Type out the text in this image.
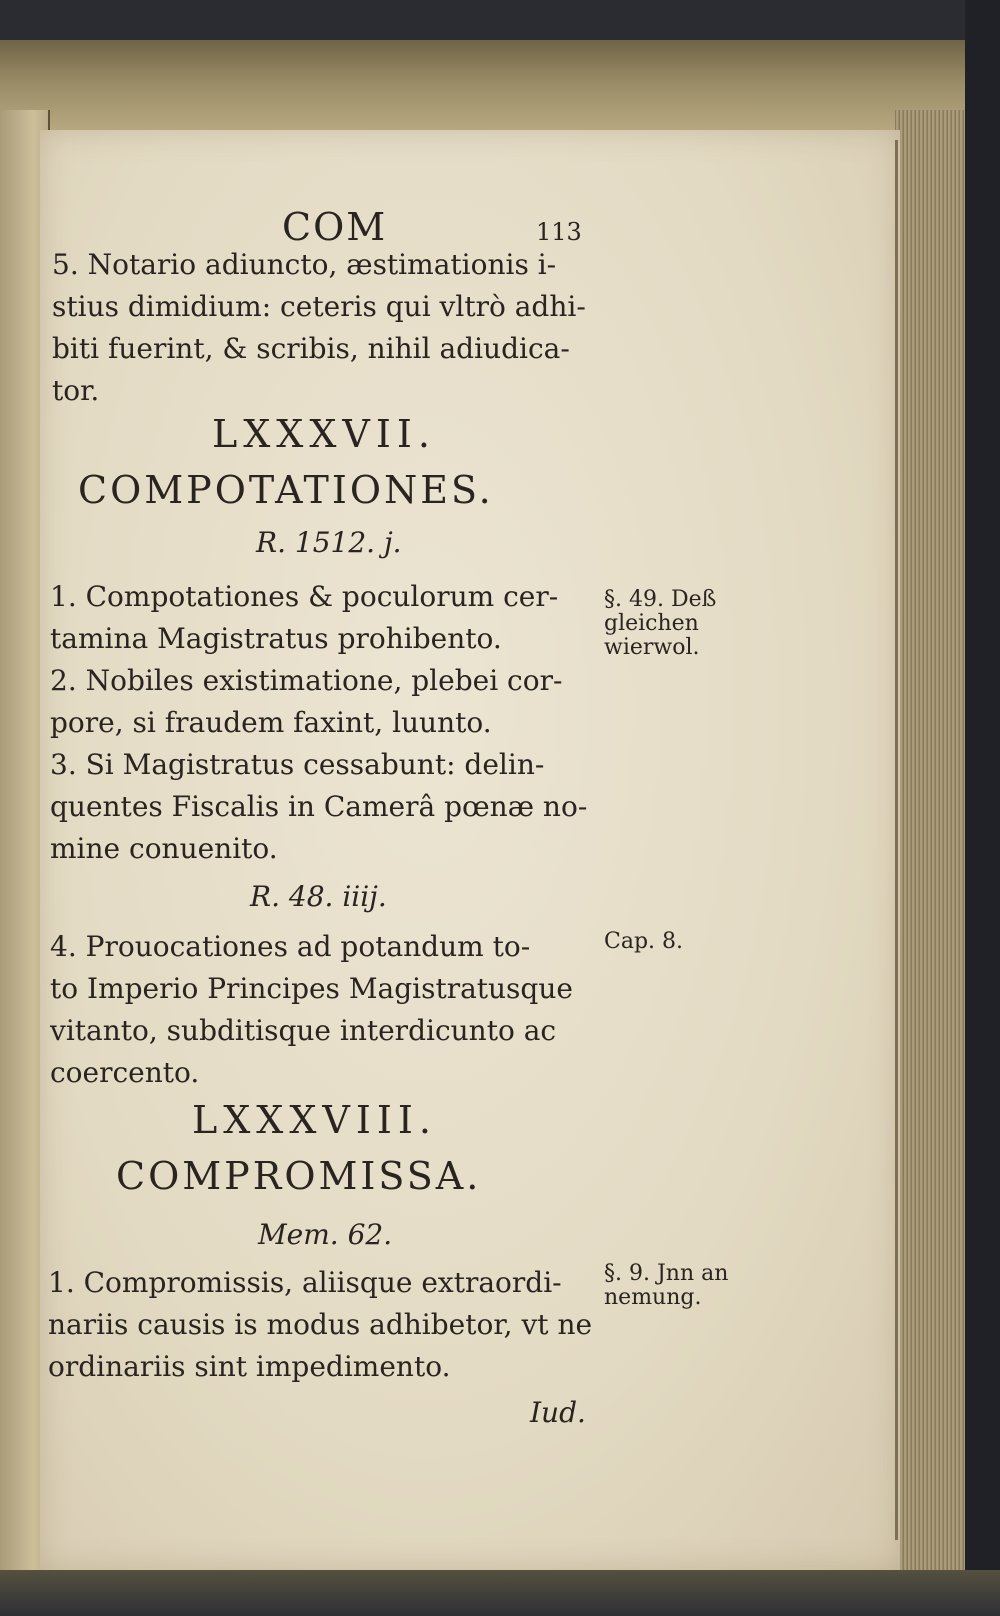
COM	113
5. Notario adiuncto, æstimationis i-
stius dimidium: ceteris qui vltrò adhi-
biti fuerint, & scribis, nihil adiudica-
tor.
LXXXVII.
COMPOTATIONES.
R. 1512. j.
1. Compotationes & poculorum cer-
tamina Magistratus prohibento.
2. Nobiles existimatione, plebei cor-
pore, si fraudem faxint, luunto.
3. Si Magistratus cessabunt: delin-
quentes Fiscalis in Camerâ pœnæ no-
mine conuenito.
R. 48. iiij.
4. Prouocationes ad potandum to-
to Imperio Principes Magistratusque
vitanto, subditisque interdicunto ac
coercento.
§. 49. Deß gleichen wierwol.
Cap. 8.
LXXXVIII.
COMPROMISSA.
Mem. 62.
1. Compromissis, aliisque extraordi-
nariis causis is modus adhibetor, vt ne
ordinariis sint impedimento.
§. 9. Jnn an nemung.
Iud.
